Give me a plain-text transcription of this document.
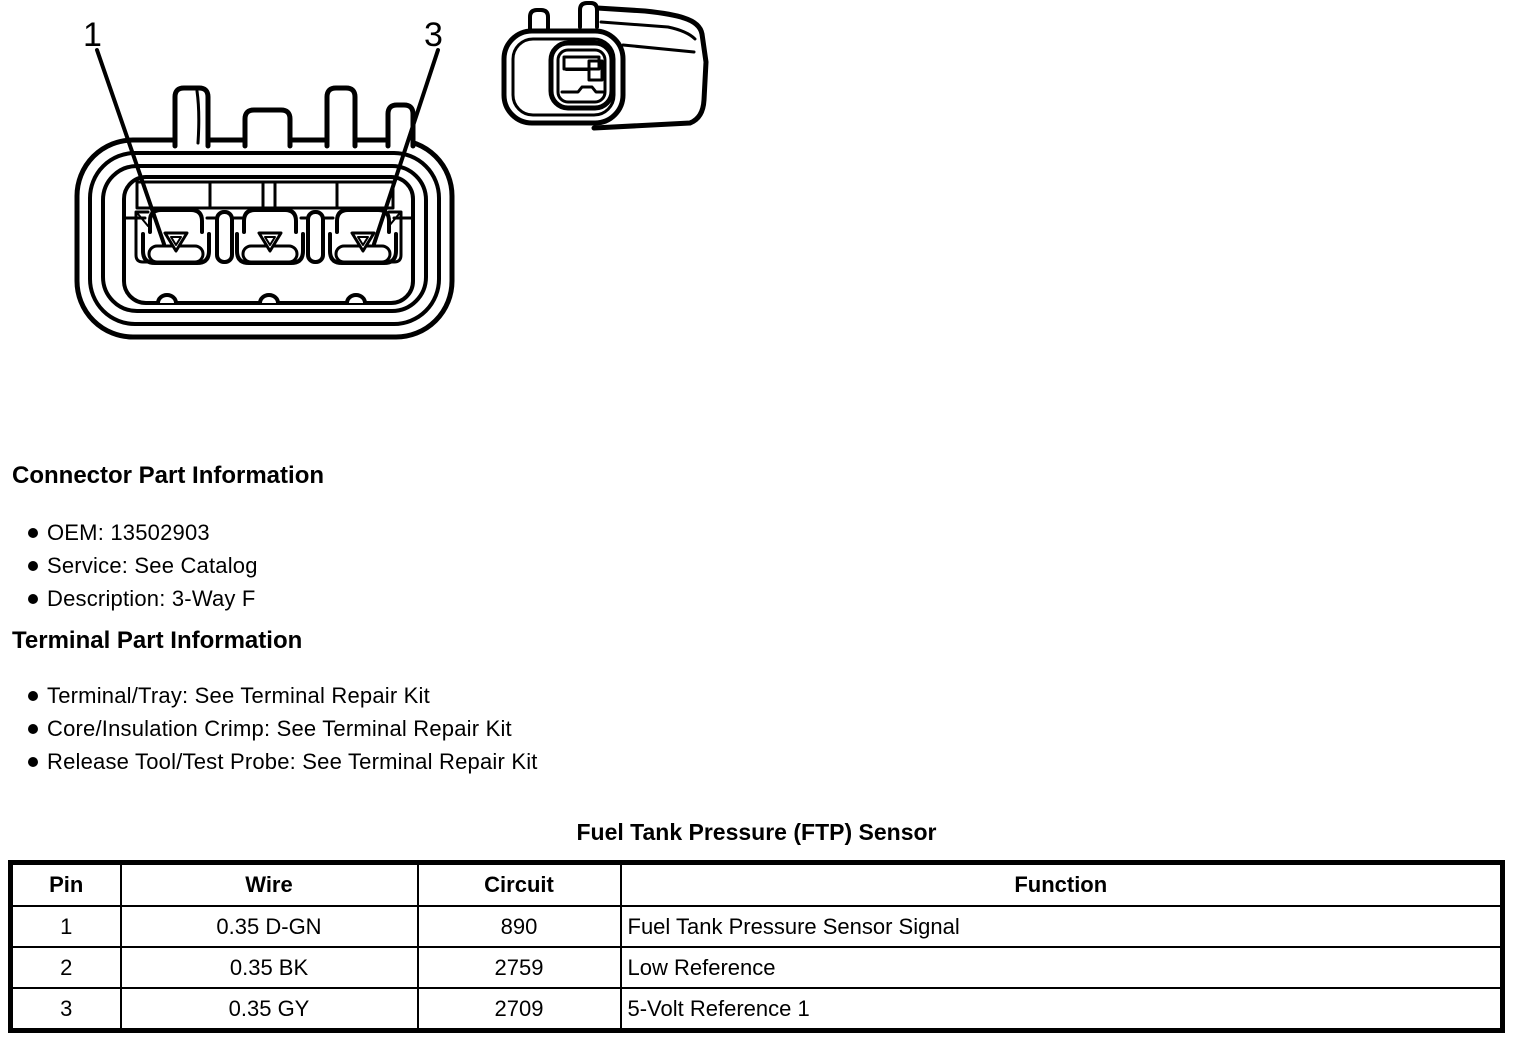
1	3
Connector Part Information
OEM: 13502903
Service: See Catalog
Description: 3-Way F
Terminal Part Information
Terminal/Tray: See Terminal Repair Kit
Core/Insulation Crimp: See Terminal Repair Kit
Release Tool/Test Probe: See Terminal Repair Kit
Fuel Tank Pressure (FTP) Sensor
Pin	Wire	Circuit	Function
1	0.35 D-GN	890	Fuel Tank Pressure Sensor Signal
2	0.35 BK	2759	Low Reference
3	0.35 GY	2709	5-Volt Reference 1
